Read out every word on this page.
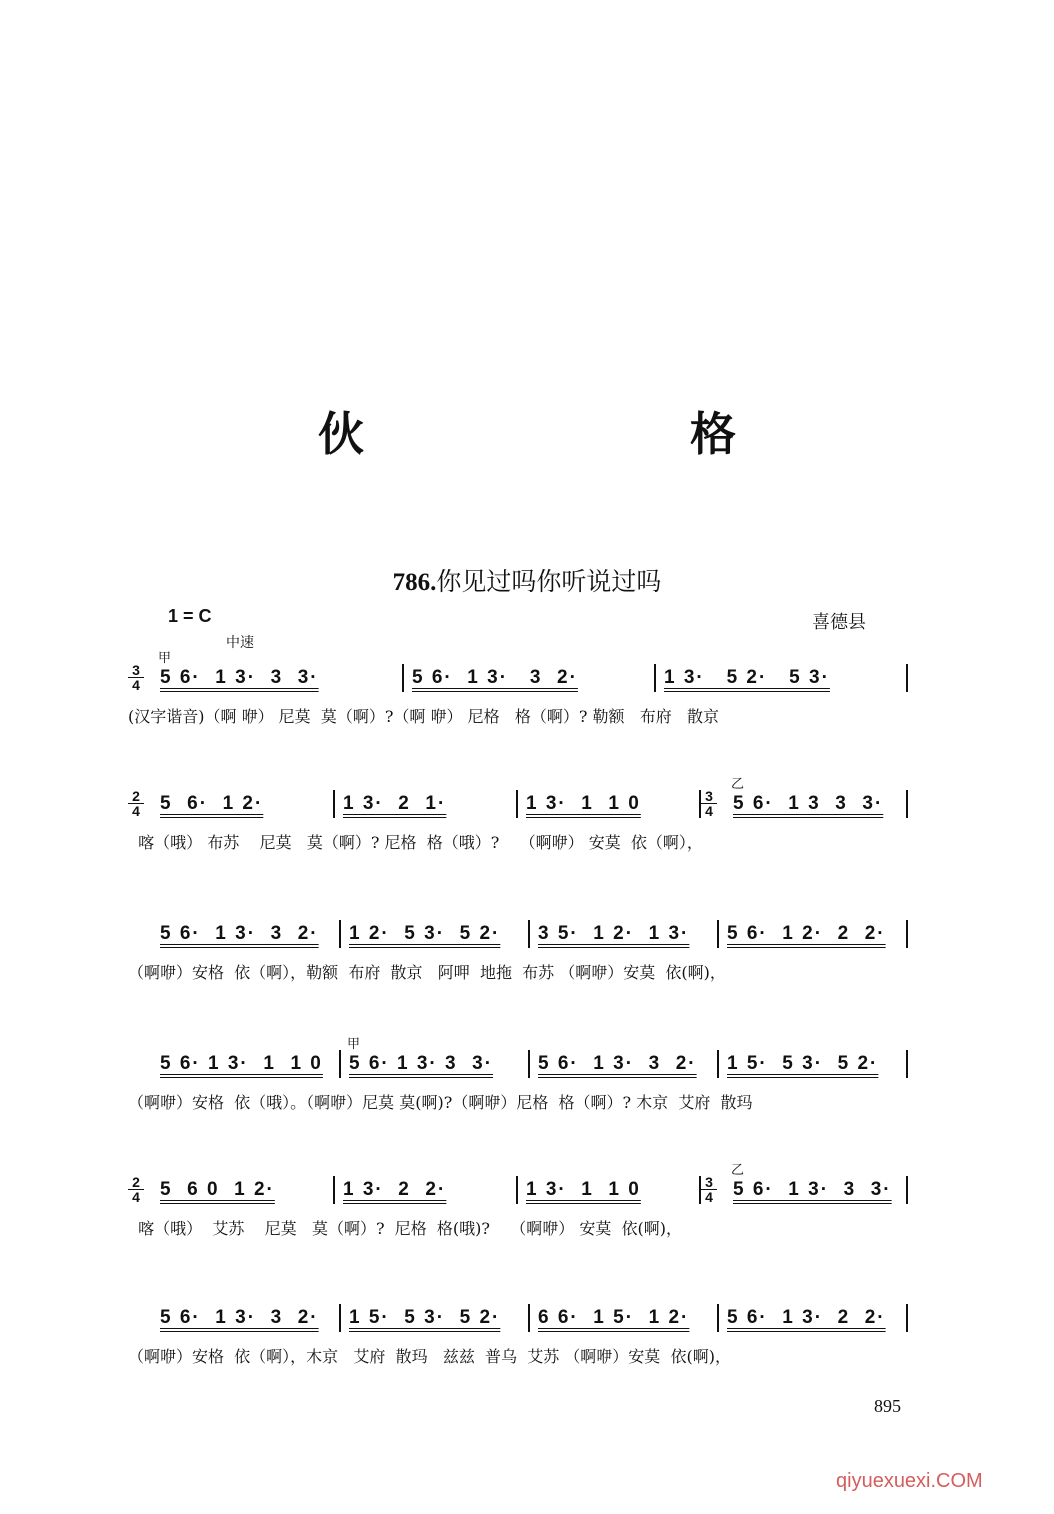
伙　格
786.你见过吗你听说过吗
1 = C	喜德县
中速
3
4
甲
5 6·  1 3·  3  3·	5 6·  1 3·   3  2·	1 3·   5 2·   5 3·
(汉字谐音)（啊 咿） 尼莫  莫（啊）?（啊 咿） 尼格   格（啊）? 勒额   布府   散京
2
4	5  6·  1 2·	1 3·  2  1·	1 3·  1  1 0	3
4
乙
5 6·  1 3  3  3·
喀（哦） 布苏    尼莫   莫（啊）? 尼格  格（哦）?    （啊咿） 安莫  依（啊），
5 6·  1 3·  3  2·	1 2·  5 3·  5 2·	3 5·  1 2·  1 3·	5 6·  1 2·  2  2·
（啊咿）安格  依（啊），勒额  布府  散京   阿呷  地拖  布苏 （啊咿）安莫  依(啊)，
5 6· 1 3·  1  1 0
甲
5 6· 1 3· 3  3·	5 6·  1 3·  3  2·	1 5·  5 3·  5 2·
（啊咿）安格  依（哦）。（啊咿）尼莫 莫(啊)?（啊咿）尼格  格（啊）? 木京  艾府  散玛
2
4	5  6 0  1 2·	1 3·  2  2·	1 3·  1  1 0	3
4
乙
5 6·  1 3·  3  3·
喀（哦）  艾苏    尼莫   莫（啊）?  尼格  格(哦)?    （啊咿） 安莫  依(啊)，
5 6·  1 3·  3  2·	1 5·  5 3·  5 2·	6 6·  1 5·  1 2·	5 6·  1 3·  2  2·
（啊咿）安格  依（啊），木京   艾府  散玛   兹兹  普乌  艾苏 （啊咿）安莫  依(啊)，
895
qiyuexuexi.COM
